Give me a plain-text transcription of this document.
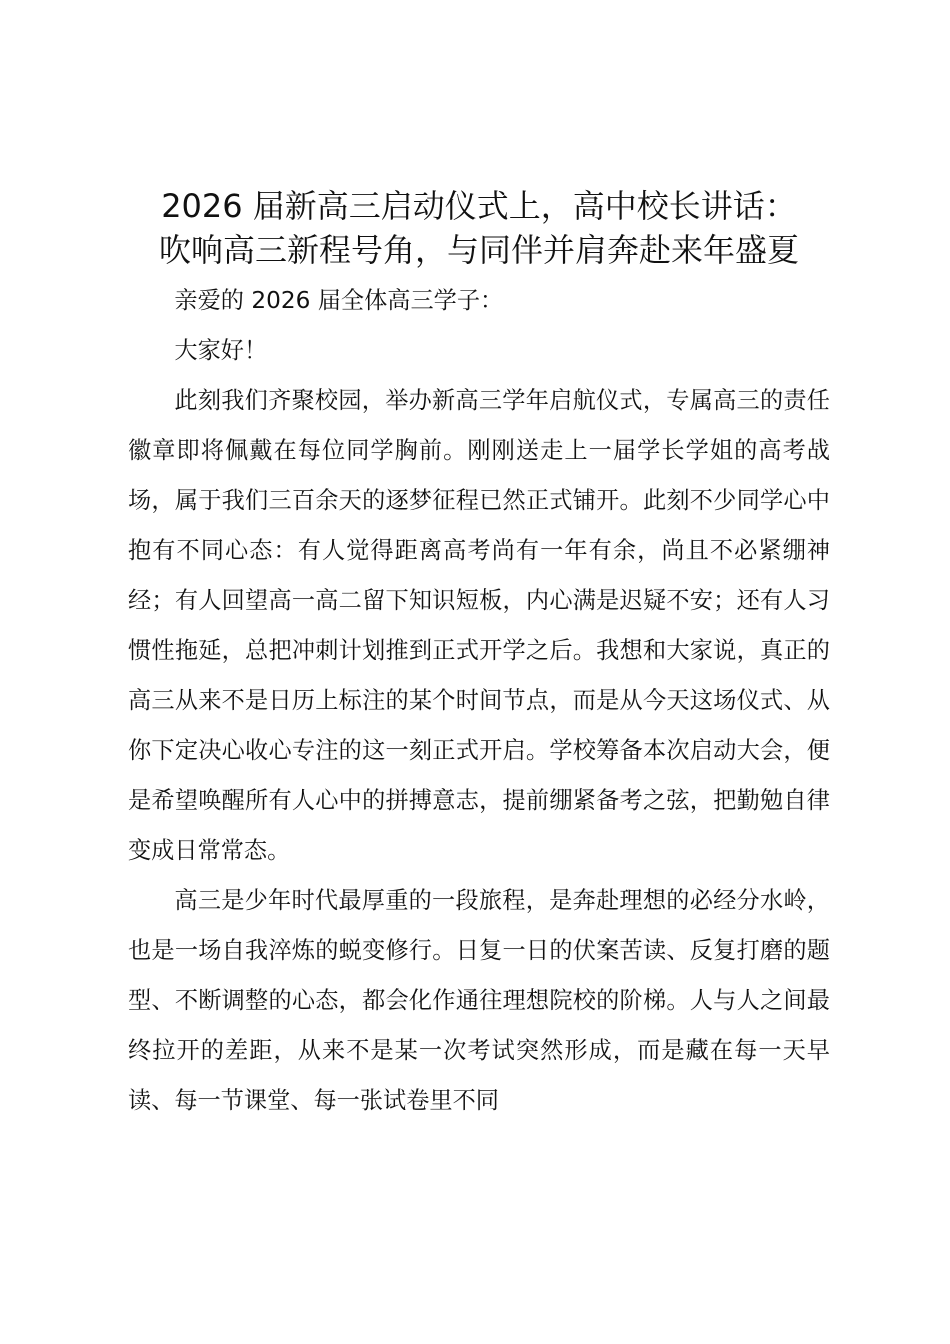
2026 届新高三启动仪式上，高中校长讲话：
吹响高三新程号角，与同伴并肩奔赴来年盛夏

亲爱的 2026 届全体高三学子：

大家好！

此刻我们齐聚校园，举办新高三学年启航仪式，专属高三的责任徽章即将佩戴在每位同学胸前。刚刚送走上一届学长学姐的高考战场，属于我们三百余天的逐梦征程已然正式铺开。此刻不少同学心中抱有不同心态：有人觉得距离高考尚有一年有余，尚且不必紧绷神经；有人回望高一高二留下知识短板，内心满是迟疑不安；还有人习惯性拖延，总把冲刺计划推到正式开学之后。我想和大家说，真正的高三从来不是日历上标注的某个时间节点，而是从今天这场仪式、从你下定决心收心专注的这一刻正式开启。学校筹备本次启动大会，便是希望唤醒所有人心中的拼搏意志，提前绷紧备考之弦，把勤勉自律变成日常常态。

高三是少年时代最厚重的一段旅程，是奔赴理想的必经分水岭，也是一场自我淬炼的蜕变修行。日复一日的伏案苦读、反复打磨的题型、不断调整的心态，都会化作通往理想院校的阶梯。人与人之间最终拉开的差距，从来不是某一次考试突然形成，而是藏在每一天早读、每一节课堂、每一张试卷里不同
